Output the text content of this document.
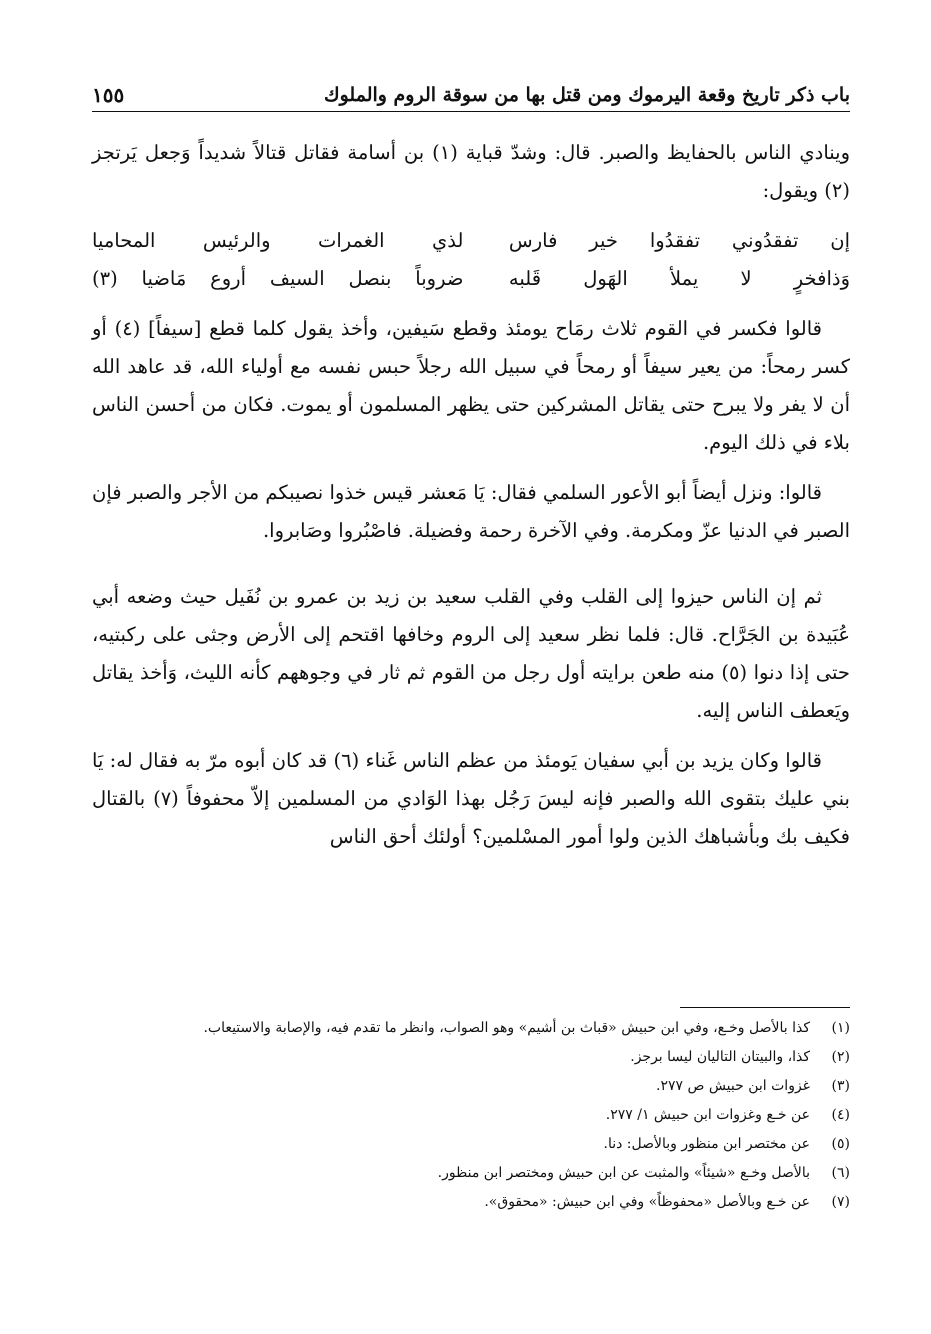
باب ذكر تاريخ وقعة اليرموك ومن قتل بها من سوقة الروم والملوك
١٥٥

وينادي الناس بالحفايظ والصبر. قال: وشدّ قباية (١) بن أسامة فقاتل قتالاً شديداً وَجعل يَرتجز (٢) ويقول:

إن تفقدُوني تفقدُوا خير فارس
لذي الغمرات والرئيس المحاميا
وَذافخرٍ لا يملأ الهَول قَلبه
ضروباً بنصل السيف أروع مَاضيا (٣)

قالوا فكسر في القوم ثلاث رمَاح يومئذ وقطع سَيفين، وأخذ يقول كلما قطع [سيفاً] (٤) أو كسر رمحاً: من يعير سيفاً أو رمحاً في سبيل الله رجلاً حبس نفسه مع أولياء الله، قد عاهد الله أن لا يفر ولا يبرح حتى يقاتل المشركين حتى يظهر المسلمون أو يموت. فكان من أحسن الناس بلاء في ذلك اليوم.

قالوا: ونزل أيضاً أبو الأعور السلمي فقال: يَا مَعشر قيس خذوا نصيبكم من الأجر والصبر فإن الصبر في الدنيا عزّ ومكرمة. وفي الآخرة رحمة وفضيلة. فاصْبُروا وصَابروا.

ثم إن الناس حيزوا إلى القلب وفي القلب سعيد بن زيد بن عمرو بن نُفَيل حيث وضعه أبي عُبَيدة بن الجَرَّاح. قال: فلما نظر سعيد إلى الروم وخافها اقتحم إلى الأرض وجثى على ركبتيه، حتى إذا دنوا (٥) منه طعن برايته أول رجل من القوم ثم ثار في وجوههم كأنه الليث، وَأخذ يقاتل ويَعطف الناس إليه.

قالوا وكان يزيد بن أبي سفيان يَومئذ من عظم الناس غَناء (٦) قد كان أبوه مرّ به فقال له: يَا بني عليك بتقوى الله والصبر فإنه ليسَ رَجُل بهذا الوَادي من المسلمين إلاّ محفوفاً (٧) بالقتال فكيف بك وبأشباهك الذين ولوا أمور المسْلمين؟ أولئك أحق الناس

(١)
كذا بالأصل وخـع، وفي ابن حبيش «قباث بن أشيم» وهو الصواب، وانظر ما تقدم فيه، والإصابة والاستيعاب.
(٢)
كذا، والبيتان التاليان ليسا برجز.
(٣)
غزوات ابن حبيش ص ٢٧٧.
(٤)
عن خـع وغزوات ابن حبيش ١/ ٢٧٧.
(٥)
عن مختصر ابن منظور وبالأصل: دنا.
(٦)
بالأصل وخـع «شيئاً» والمثبت عن ابن حبيش ومختصر ابن منظور.
(٧)
عن خـع وبالأصل «محفوظاً» وفي ابن حبيش: «محقوق».
